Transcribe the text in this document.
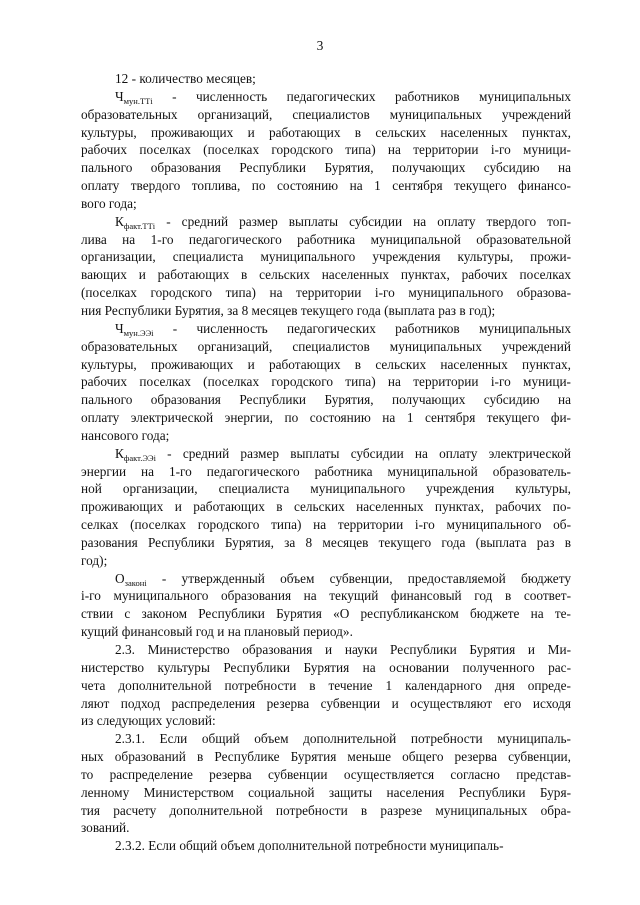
3
12 - количество месяцев;
$Ч_{мун.ТТi}$ - численность педагогических работников муниципальных
образовательных организаций, специалистов муниципальных учреждений
культуры, проживающих и работающих в сельских населенных пунктах,
рабочих поселках (поселках городского типа) на территории i-го муници-
пального образования Республики Бурятия, получающих субсидию на
оплату твердого топлива, по состоянию на 1 сентября текущего финансо-
вого года;
$К_{факт.ТТi}$ - средний размер выплаты субсидии на оплату твердого топ-
лива на 1-го педагогического работника муниципальной образовательной
организации, специалиста муниципального учреждения культуры, прожи-
вающих и работающих в сельских населенных пунктах, рабочих поселках
(поселках городского типа) на территории i-го муниципального образова-
ния Республики Бурятия, за 8 месяцев текущего года (выплата раз в год);
$Ч_{мун.ЭЭi}$ - численность педагогических работников муниципальных
образовательных организаций, специалистов муниципальных учреждений
культуры, проживающих и работающих в сельских населенных пунктах,
рабочих поселках (поселках городского типа) на территории i-го муници-
пального образования Республики Бурятия, получающих субсидию на
оплату электрической энергии, по состоянию на 1 сентября текущего фи-
нансового года;
$К_{факт.ЭЭi}$ - средний размер выплаты субсидии на оплату электрической
энергии на 1-го педагогического работника муниципальной образователь-
ной организации, специалиста муниципального учреждения культуры,
проживающих и работающих в сельских населенных пунктах, рабочих по-
селках (поселках городского типа) на территории i-го муниципального об-
разования Республики Бурятия, за 8 месяцев текущего года (выплата раз в
год);
$О_{законi}$ - утвержденный объем субвенции, предоставляемой бюджету
i-го муниципального образования на текущий финансовый год в соответ-
ствии с законом Республики Бурятия «О республиканском бюджете на те-
кущий финансовый год и на плановый период».
2.3. Министерство образования и науки Республики Бурятия и Ми-
нистерство культуры Республики Бурятия на основании полученного рас-
чета дополнительной потребности в течение 1 календарного дня опреде-
ляют подход распределения резерва субвенции и осуществляют его исходя
из следующих условий:
2.3.1. Если общий объем дополнительной потребности муниципаль-
ных образований в Республике Бурятия меньше общего резерва субвенции,
то распределение резерва субвенции осуществляется согласно представ-
ленному Министерством социальной защиты населения Республики Буря-
тия расчету дополнительной потребности в разрезе муниципальных обра-
зований.
2.3.2. Если общий объем дополнительной потребности муниципаль-
